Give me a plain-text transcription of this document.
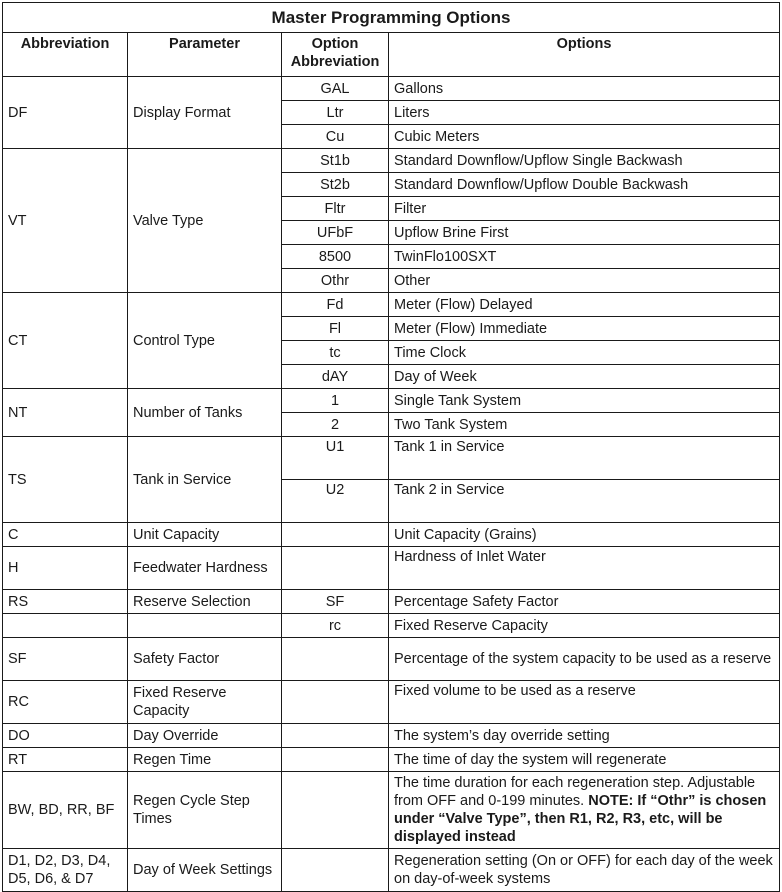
Master Programming Options			
Abbreviation	Parameter	Option Abbreviation	Options
DF	Display Format	GAL	Gallons
		Ltr	Liters
		Cu	Cubic Meters
VT	Valve Type	St1b	Standard Downflow/Upflow Single Backwash
		St2b	Standard Downflow/Upflow Double Backwash
		Fltr	Filter
		UFbF	Upflow Brine First
		8500	TwinFlo100SXT
		Othr	Other
CT	Control Type	Fd	Meter (Flow) Delayed
		Fl	Meter (Flow) Immediate
		tc	Time Clock
		dAY	Day of Week
NT	Number of Tanks	1	Single Tank System
		2	Two Tank System
TS	Tank in Service	U1	Tank 1 in Service
		U2	Tank 2 in Service
C	Unit Capacity		Unit Capacity (Grains)
H	Feedwater Hardness		Hardness of Inlet Water
RS	Reserve Selection	SF	Percentage Safety Factor
		rc	Fixed Reserve Capacity
SF	Safety Factor		Percentage of the system capacity to be used as a reserve
RC	Fixed Reserve Capacity		Fixed volume to be used as a reserve
DO	Day Override		The system’s day override setting
RT	Regen Time		The time of day the system will regenerate
BW, BD, RR, BF	Regen Cycle Step Times		The time duration for each regeneration step. Adjustable from OFF and 0-199 minutes. NOTE: If “Othr” is chosen under “Valve Type”, then R1, R2, R3, etc, will be displayed instead
D1, D2, D3, D4, D5, D6, & D7	Day of Week Settings		Regeneration setting (On or OFF) for each day of the week on day-of-week systems
